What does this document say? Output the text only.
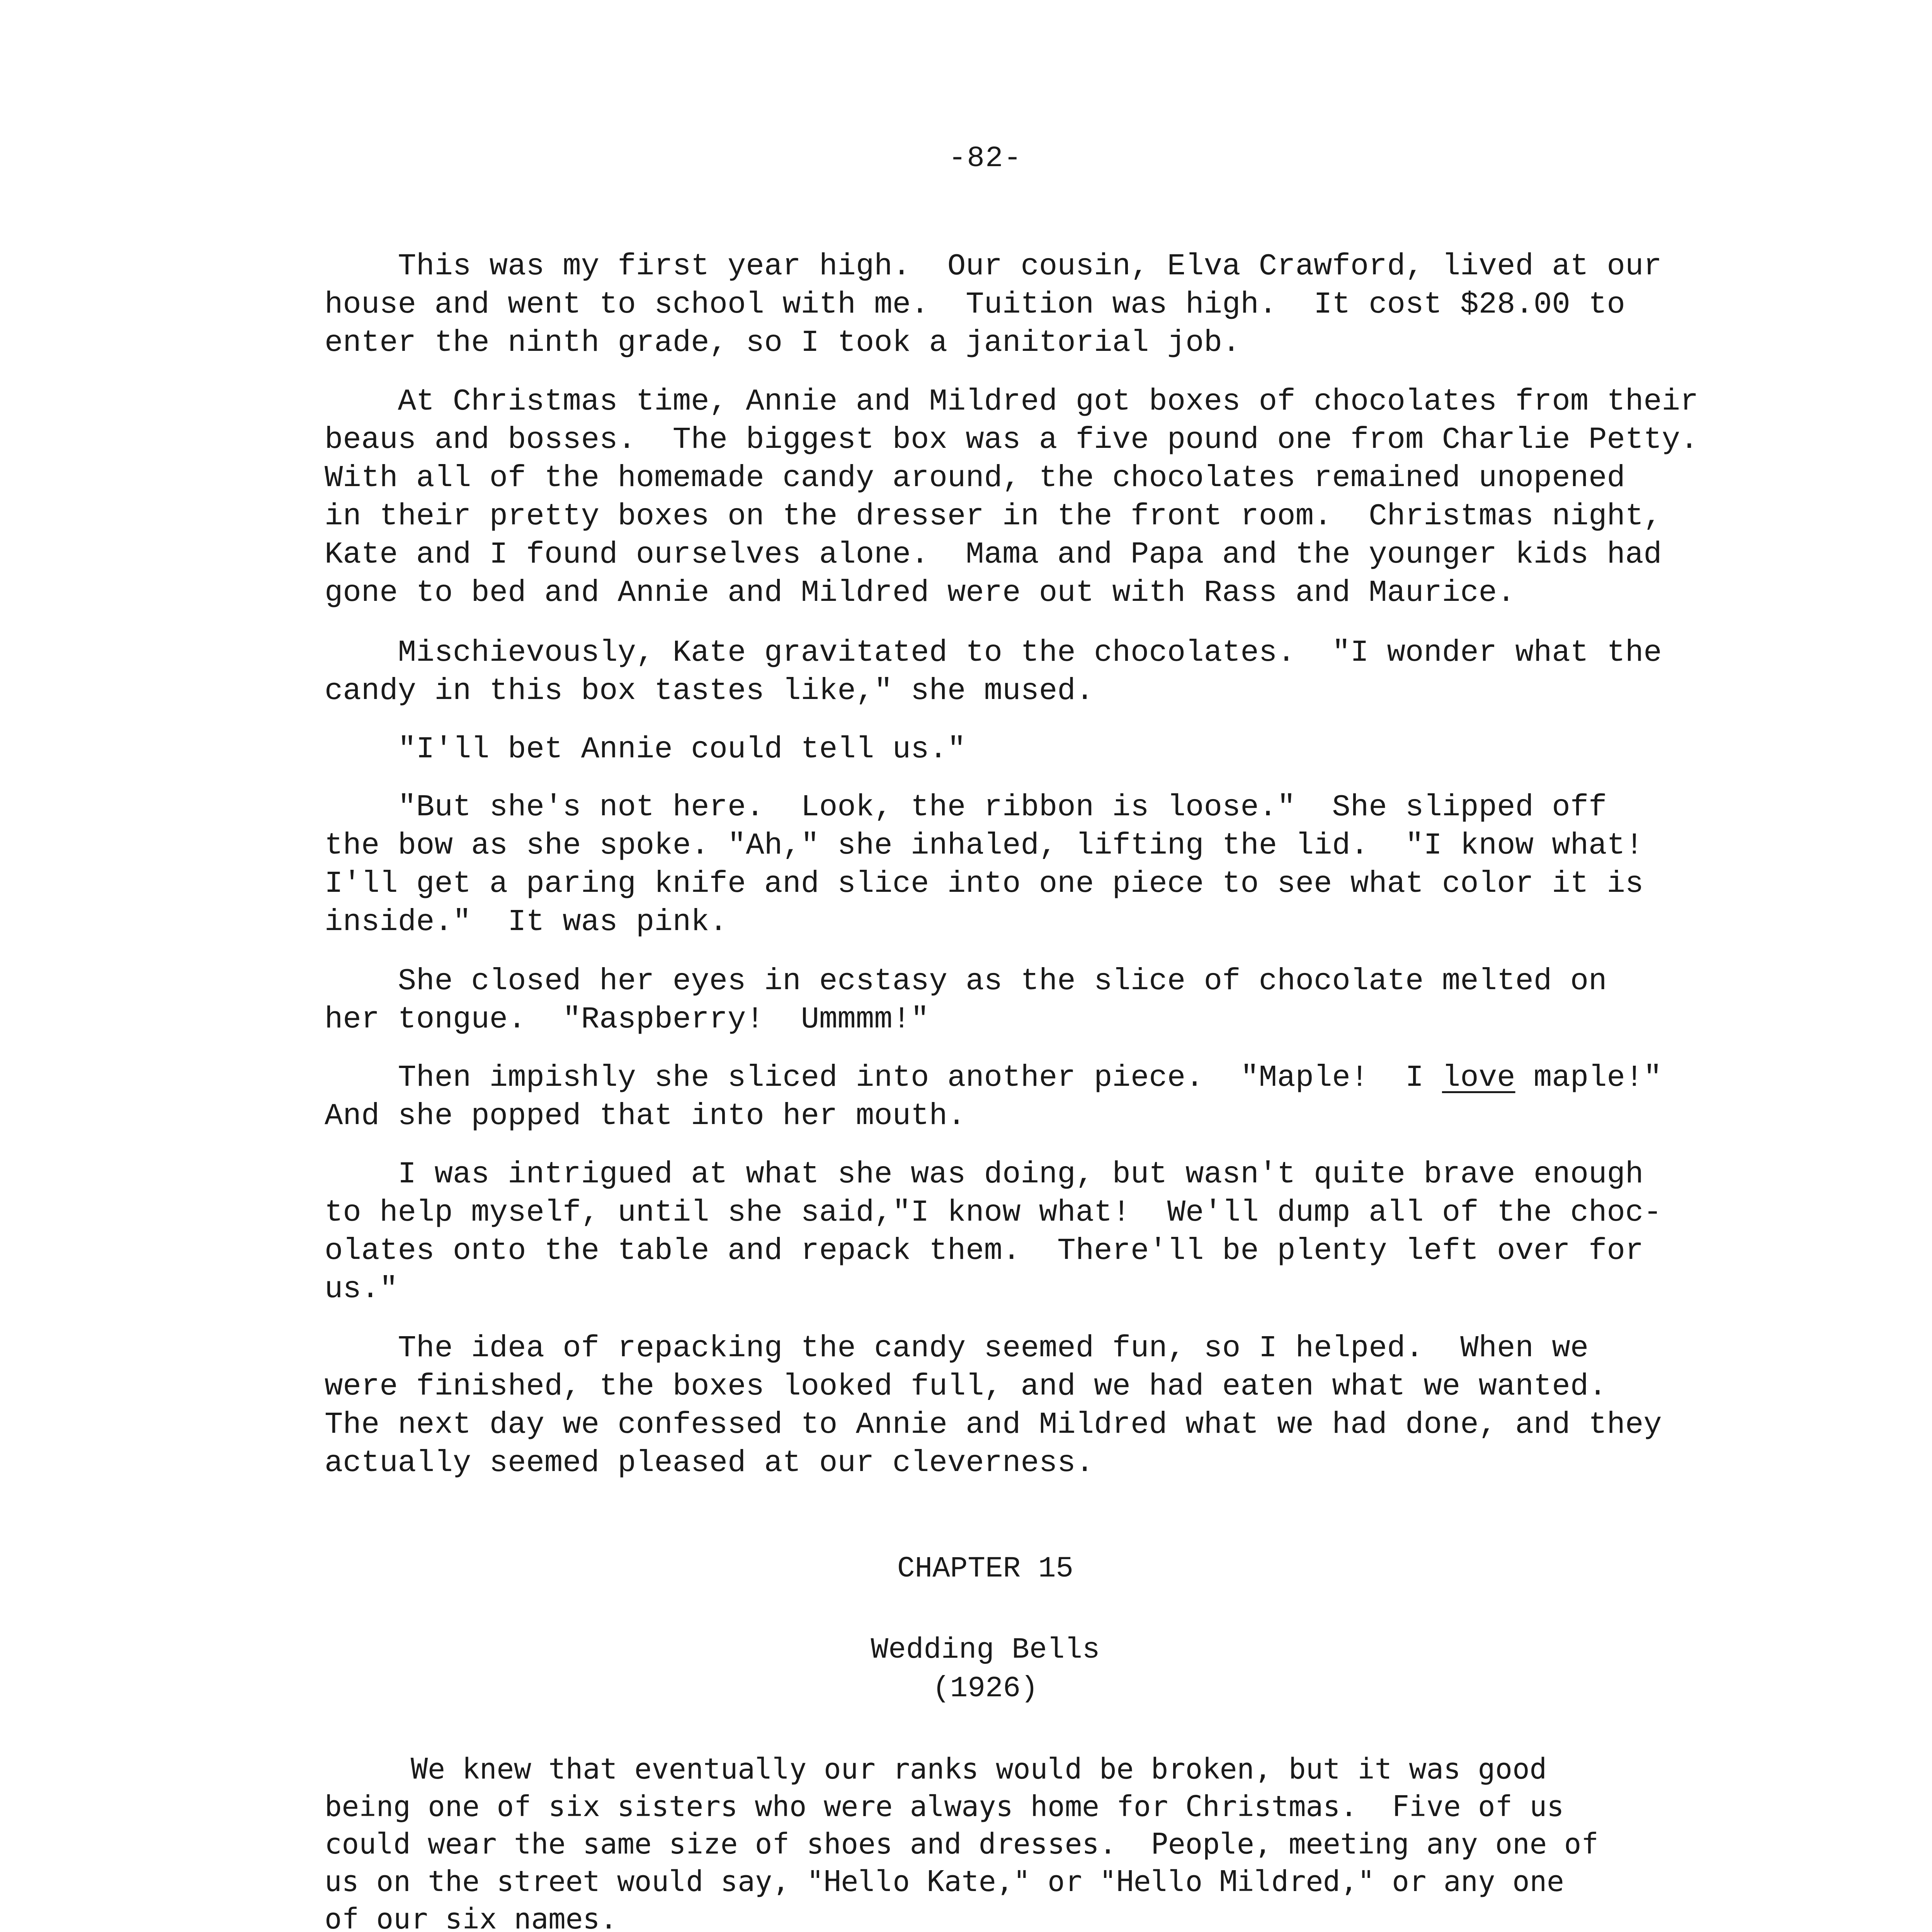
-82-
This was my first year high.  Our cousin, Elva Crawford, lived at our
house and went to school with me.  Tuition was high.  It cost $28.00 to
enter the ninth grade, so I took a janitorial job.
At Christmas time, Annie and Mildred got boxes of chocolates from their
beaus and bosses.  The biggest box was a five pound one from Charlie Petty.
With all of the homemade candy around, the chocolates remained unopened
in their pretty boxes on the dresser in the front room.  Christmas night,
Kate and I found ourselves alone.  Mama and Papa and the younger kids had
gone to bed and Annie and Mildred were out with Rass and Maurice.
Mischievously, Kate gravitated to the chocolates.  "I wonder what the
candy in this box tastes like," she mused.
"I'll bet Annie could tell us."
"But she's not here.  Look, the ribbon is loose."  She slipped off
the bow as she spoke. "Ah," she inhaled, lifting the lid.  "I know what!
I'll get a paring knife and slice into one piece to see what color it is
inside."  It was pink.
She closed her eyes in ecstasy as the slice of chocolate melted on
her tongue.  "Raspberry!  Ummmm!"
Then impishly she sliced into another piece.  "Maple!  I love maple!"
And she popped that into her mouth.
I was intrigued at what she was doing, but wasn't quite brave enough
to help myself, until she said,"I know what!  We'll dump all of the choc-
olates onto the table and repack them.  There'll be plenty left over for
us."
The idea of repacking the candy seemed fun, so I helped.  When we
were finished, the boxes looked full, and we had eaten what we wanted.
The next day we confessed to Annie and Mildred what we had done, and they
actually seemed pleased at our cleverness.
CHAPTER 15
Wedding Bells
(1926)
We knew that eventually our ranks would be broken, but it was good
being one of six sisters who were always home for Christmas.  Five of us
could wear the same size of shoes and dresses.  People, meeting any one of
us on the street would say, "Hello Kate," or "Hello Mildred," or any one
of our six names.
